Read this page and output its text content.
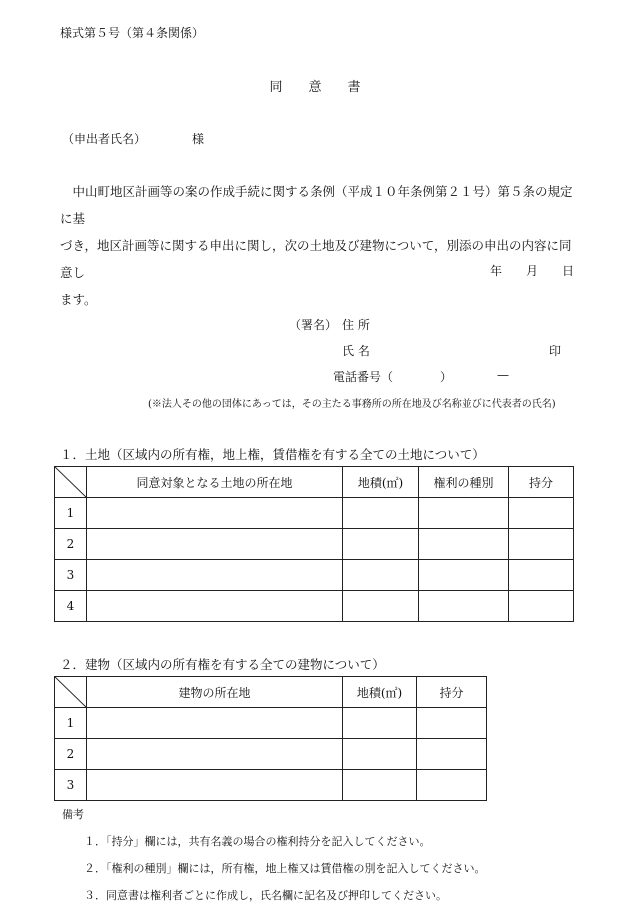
様式第５号（第４条関係）
同　　意　　書
（申出者氏名）	様
　中山町地区計画等の案の作成手続に関する条例（平成１０年条例第２１号）第５条の規定に基
づき，地区計画等に関する申出に関し，次の土地及び建物について，別添の申出の内容に同意し
ます。
年　　月　　日
（署名） 住 所
氏 名	印
電話番号（	）	—
(※法人その他の団体にあっては，その主たる事務所の所在地及び名称並びに代表者の氏名)
１．土地（区域内の所有権，地上権，賃借権を有する全ての土地について）
	同意対象となる土地の所在地	地積(㎡)	権利の種別	持分
1				
2				
3				
4				
２．建物（区域内の所有権を有する全ての建物について）
	建物の所在地	地積(㎡)	持分
1			
2			
3			
備考
１．「持分」欄には，共有名義の場合の権利持分を記入してください。
２．「権利の種別」欄には，所有権，地上権又は賃借権の別を記入してください。
３．同意書は権利者ごとに作成し，氏名欄に記名及び押印してください。
